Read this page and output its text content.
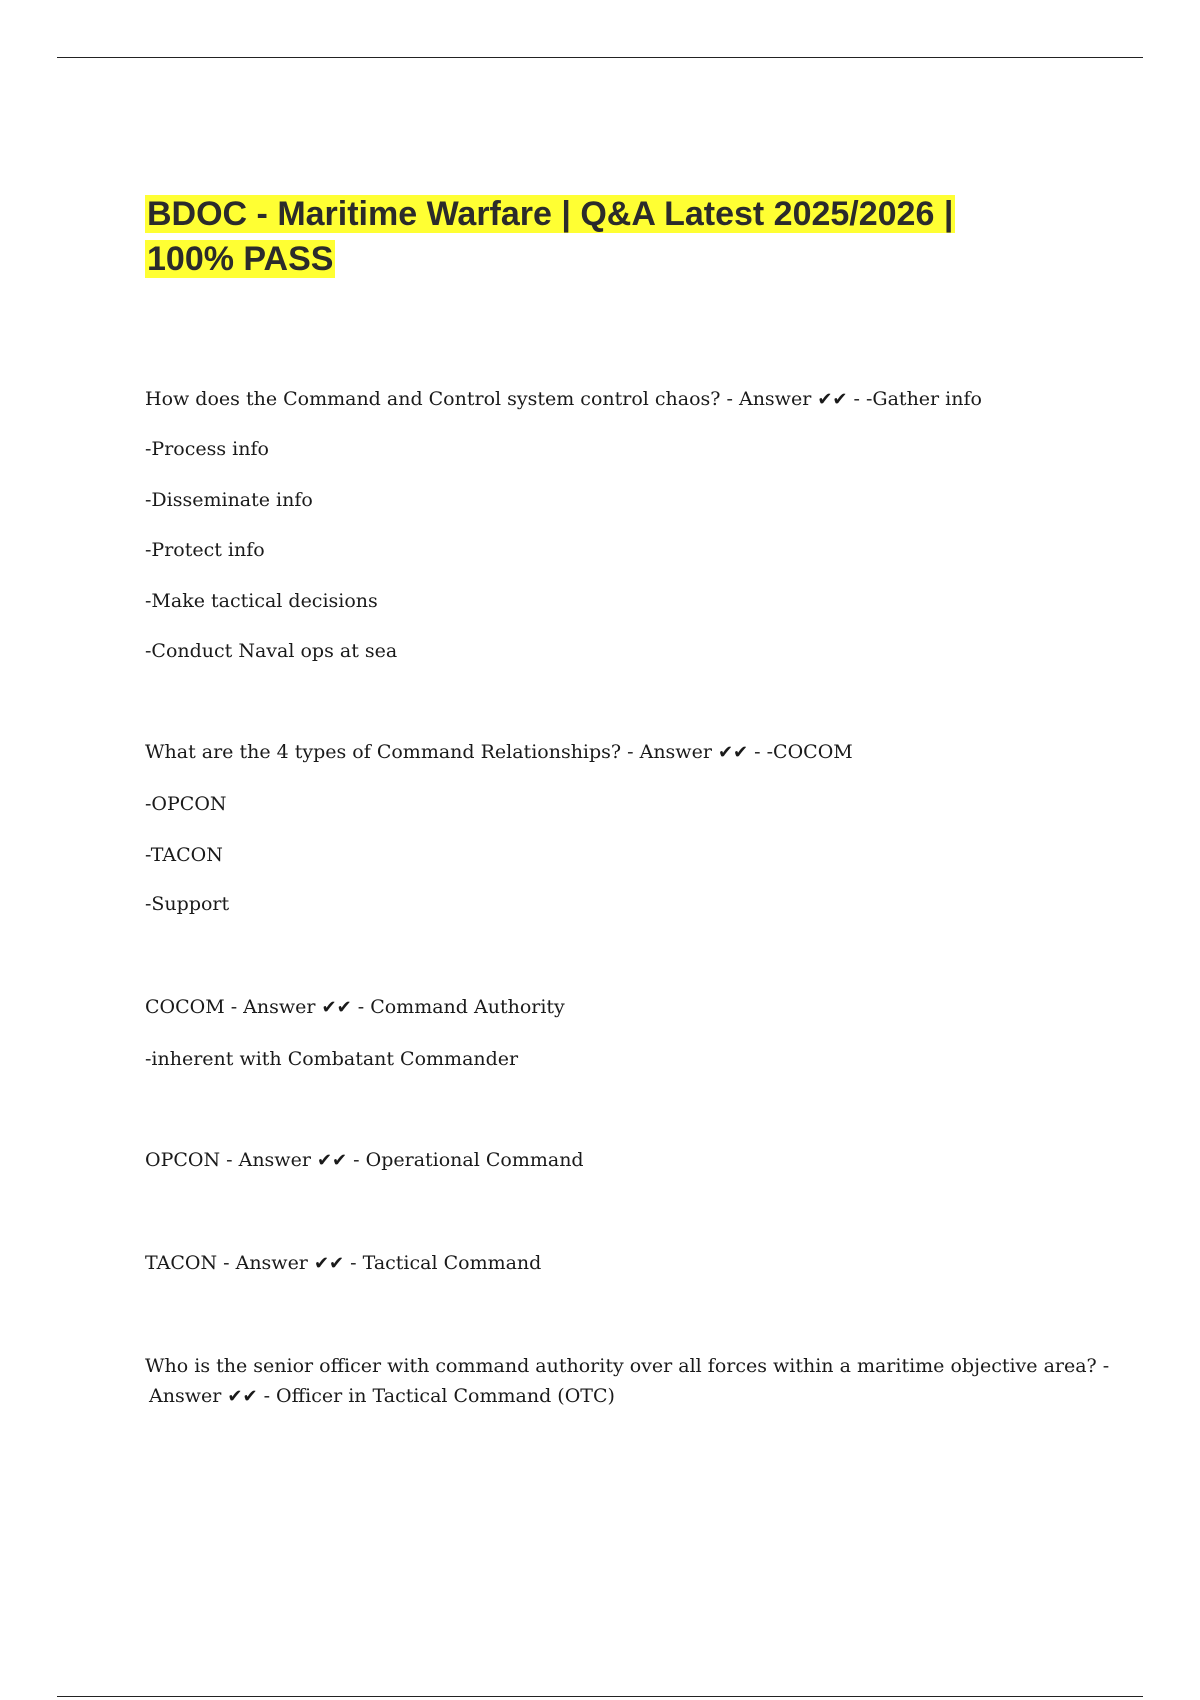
BDOC - Maritime Warfare | Q&A Latest 2025/2026 |
100% PASS
How does the Command and Control system control chaos? - Answer ✔✔ - -Gather info
-Process info
-Disseminate info
-Protect info
-Make tactical decisions
-Conduct Naval ops at sea
What are the 4 types of Command Relationships? - Answer ✔✔ - -COCOM
-OPCON
-TACON
-Support
COCOM - Answer ✔✔ - Command Authority
-inherent with Combatant Commander
OPCON - Answer ✔✔ - Operational Command
TACON - Answer ✔✔ - Tactical Command
Who is the senior officer with command authority over all forces within a maritime objective area? -
Answer ✔✔ - Officer in Tactical Command (OTC)
